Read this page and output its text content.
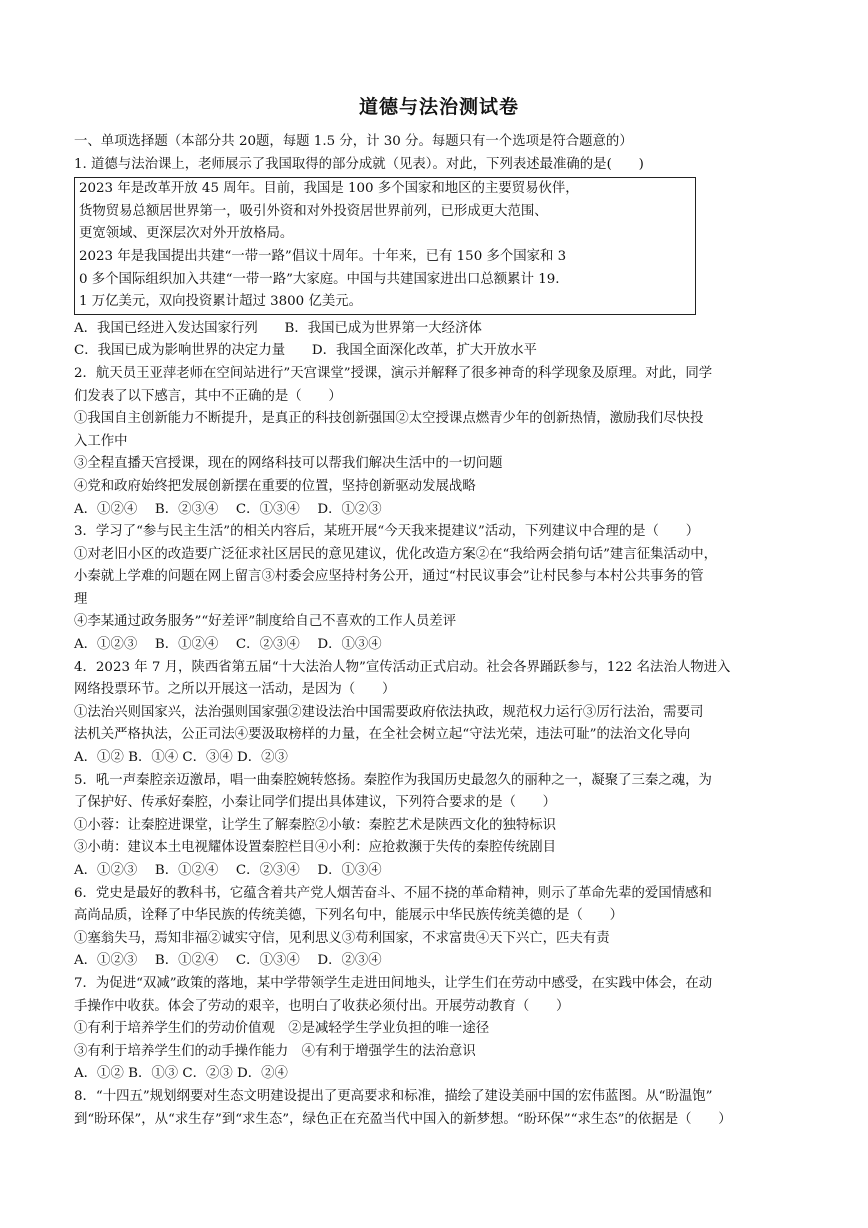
道德与法治测试卷
一、单项选择题（本部分共 20题，每题 1.5 分，计 30 分。每题只有一个选项是符合题意的）
1. 道德与法治课上，老师展示了我国取得的部分成就（见表）。对此，下列表述最准确的是(　　)
2023 年是改革开放 45 周年。目前，我国是 100 多个国家和地区的主要贸易伙伴，
货物贸易总额居世界第一，吸引外资和对外投资居世界前列，已形成更大范围、
更宽领域、更深层次对外开放格局。
2023 年是我国提出共建“一带一路”倡议十周年。十年来，已有 150 多个国家和 3
0 多个国际组织加入共建“一带一路”大家庭。中国与共建国家进出口总额累计 19.
1 万亿美元，双向投资累计超过 3800 亿美元。
A．我国已经进入发达国家行列　　B．我国已成为世界第一大经济体
C．我国已成为影响世界的决定力量　　D．我国全面深化改革，扩大开放水平
2．航天员王亚萍老师在空间站进行”天宫课堂”授课，演示并解释了很多神奇的科学现象及原理。对此，同学
们发表了以下感言，其中不正确的是（　　）
①我国自主创新能力不断提升，是真正的科技创新强国②太空授课点燃青少年的创新热情，激励我们尽快投
入工作中
③全程直播天宫授课，现在的网络科技可以帮我们解决生活中的一切问题
④党和政府始终把发展创新摆在重要的位置，坚持创新驱动发展战略
A．①②④　 B．②③④　 C．①③④　 D．①②③
3．学习了“参与民主生活”的相关内容后，某班开展“今天我来提建议”活动，下列建议中合理的是（　　）
①对老旧小区的改造要广泛征求社区居民的意见建议，优化改造方案②在“我给两会捎句话”建言征集活动中，
小秦就上学难的问题在网上留言③村委会应坚持村务公开，通过“村民议事会”让村民参与本村公共事务的管
理
④李某通过政务服务”“好差评”制度给自己不喜欢的工作人员差评
A．①②③　 B．①②④　 C．②③④　 D．①③④
4．2023 年 7 月，陕西省第五届“十大法治人物”宣传活动正式启动。社会各界踊跃参与，122 名法治人物进入
网络投票环节。之所以开展这一活动，是因为（　　）
①法治兴则国家兴，法治强则国家强②建设法治中国需要政府依法执政，规范权力运行③厉行法治，需要司
法机关严格执法，公正司法④要汲取榜样的力量，在全社会树立起“守法光荣，违法可耻”的法治文化导向
A．①② B．①④ C．③④ D．②③
5．吼一声秦腔亲迈激昂，唱一曲秦腔婉转悠扬。秦腔作为我国历史最忽久的丽种之一，凝聚了三秦之魂，为
了保护好、传承好秦腔，小秦让同学们提出具体建议，下列符合要求的是（　　）
①小蓉：让秦腔进课堂，让学生了解秦腔②小敏：秦腔艺术是陕西文化的独特标识
③小萌：建议本土电视耀体设置秦腔栏目④小利：应抢救濒于失传的秦腔传统剧目
A．①②③　 B．①②④　 C．②③④　 D．①③④
6．党史是最好的教科书，它蕴含着共产党人烟苦奋斗、不屈不挠的革命精神，则示了革命先辈的爱国情感和
高尚品质，诠释了中华民族的传统美德，下列名句中，能展示中华民族传统美德的是（　　）
①塞翁失马，焉知非福②诚实守信，见利思义③苟利国家，不求富贵④天下兴亡，匹夫有责
A．①②③　 B．①②④　 C．①③④　 D．②③④
7．为促进“双减”政策的落地，某中学带领学生走进田间地头，让学生们在劳动中感受，在实践中体会，在动
手操作中收获。体会了劳动的艰辛，也明白了收获必须付出。开展劳动教育（　　）
①有利于培养学生们的劳动价值观　②是减轻学生学业负担的唯一途径
③有利于培养学生们的动手操作能力　④有利于增强学生的法治意识
A．①② B．①③ C．②③ D．②④
8．“十四五”规划纲要对生态文明建设提出了更高要求和标准，描绘了建设美丽中国的宏伟蓝图。从“盼温饱”
到“盼环保”，从“求生存”到“求生态”，绿色正在充盈当代中国入的新梦想。“盼环保”“求生态”的依据是（　　）
